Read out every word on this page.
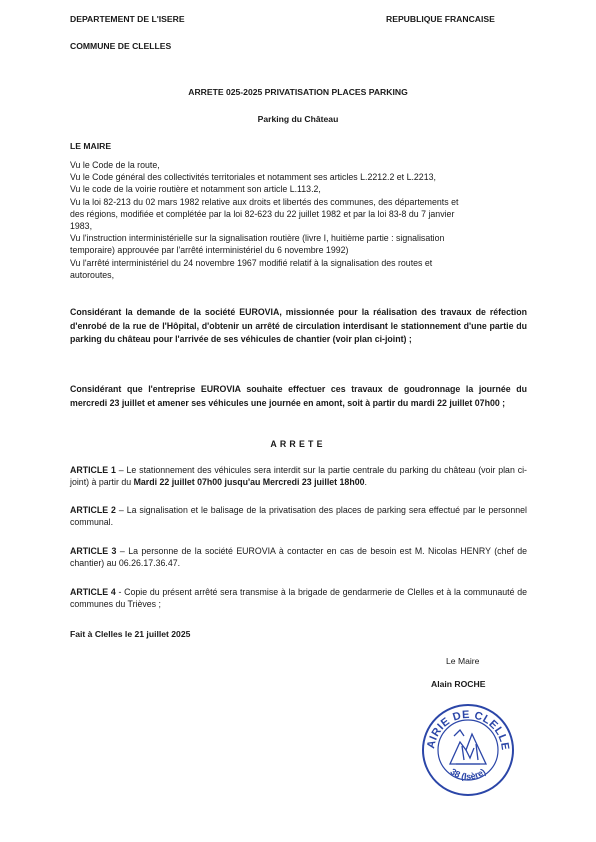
DEPARTEMENT DE L'ISERE	REPUBLIQUE FRANCAISE
COMMUNE DE CLELLES
ARRETE 025-2025 PRIVATISATION PLACES PARKING
Parking du Château
LE MAIRE
Vu le Code de la route,
Vu le Code général des collectivités territoriales et notamment ses articles L.2212.2 et L.2213,
Vu le code de la voirie routière et notamment son article L.113.2,
Vu la loi 82-213 du 02 mars 1982 relative aux droits et libertés des communes, des départements et
des régions, modifiée et complétée par la loi 82-623 du 22 juillet 1982 et par la loi 83-8 du 7 janvier
1983,
Vu l'instruction interministérielle sur la signalisation routière (livre I, huitième partie : signalisation
temporaire) approuvée par l'arrêté interministériel du 6 novembre 1992)
Vu l'arrêté interministériel du 24 novembre 1967 modifié relatif à la signalisation des routes et
autoroutes,
Considérant la demande de la société EUROVIA, missionnée pour la réalisation des travaux de réfection d'enrobé de la rue de l'Hôpital, d'obtenir un arrêté de circulation interdisant le stationnement d'une partie du parking du château pour l'arrivée de ses véhicules de chantier (voir plan ci-joint) ;
Considérant que l'entreprise EUROVIA souhaite effectuer ces travaux de goudronnage la journée du mercredi 23 juillet et amener ses véhicules une journée en amont, soit à partir du mardi 22 juillet 07h00 ;
ARRETE
ARTICLE 1 – Le stationnement des véhicules sera interdit sur la partie centrale du parking du château (voir plan ci-joint) à partir du Mardi 22 juillet 07h00 jusqu'au Mercredi 23 juillet 18h00.
ARTICLE 2 – La signalisation et le balisage de la privatisation des places de parking sera effectué par le personnel communal.
ARTICLE 3 – La personne de la société EUROVIA à contacter en cas de besoin est M. Nicolas HENRY (chef de chantier) au 06.26.17.36.47.
ARTICLE 4 - Copie du présent arrêté sera transmise à la brigade de gendarmerie de Clelles et à la communauté de communes du Trièves ;
Fait à Clelles le 21 juillet 2025
Le Maire
Alain ROCHE
AIRIE DE CLELLE
38 (Isère)
